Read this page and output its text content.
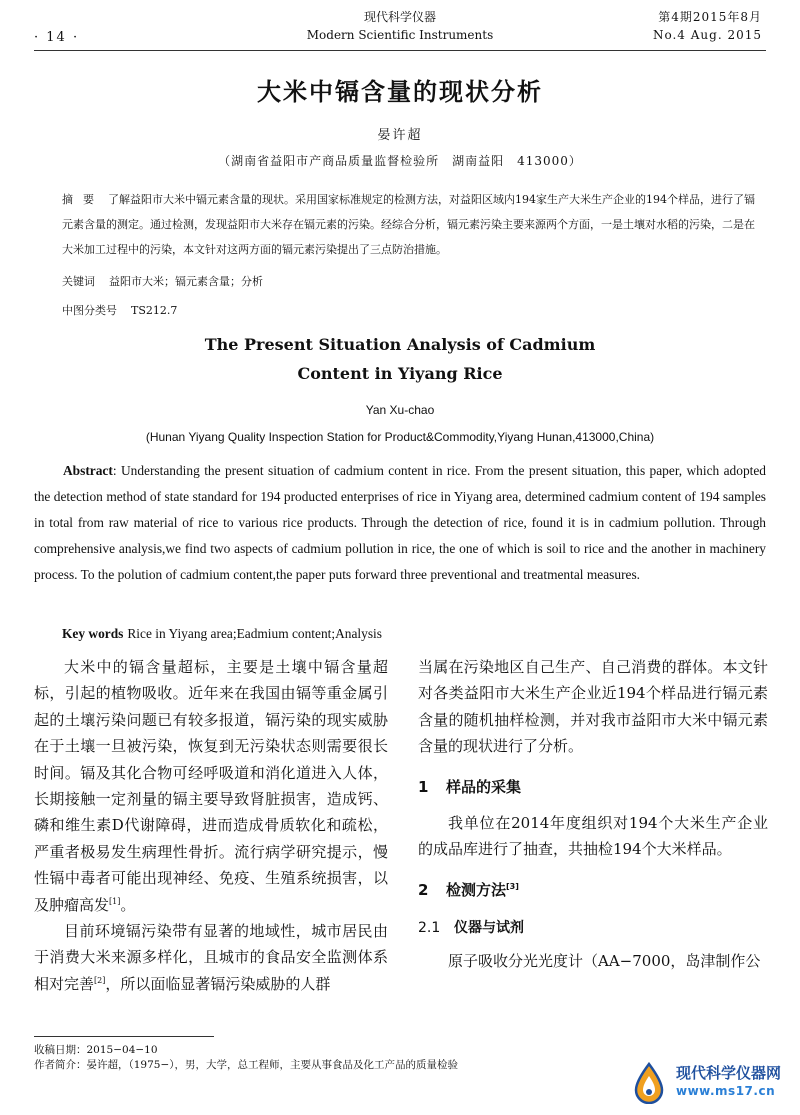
· 14 ·
现代科学仪器
Modern Scientific Instruments
第4期2015年8月
No.4 Aug. 2015
大米中镉含量的现状分析
晏许超
（湖南省益阳市产商品质量监督检验所　湖南益阳　413000）
摘要 了解益阳市大米中镉元素含量的现状。采用国家标准规定的检测方法，对益阳区域内194家生产大米生产企业的194个样品，进行了镉元素含量的测定。通过检测，发现益阳市大米存在镉元素的污染。经综合分析，镉元素污染主要来源两个方面，一是土壤对水稻的污染，二是在大米加工过程中的污染，本文针对这两方面的镉元素污染提出了三点防治措施。
关键词 益阳市大米；镉元素含量；分析
中图分类号 TS212.7
The Present Situation Analysis of Cadmium
Content in Yiyang Rice
Yan Xu-chao
(Hunan Yiyang Quality Inspection Station for Product&Commodity,Yiyang Hunan,413000,China)
Abstract: Understanding the present situation of cadmium content in rice. From the present situation, this paper, which adopted the detection method of state standard for 194 producted enterprises of rice in Yiyang area, determined cadmium content of 194 samples in total from raw material of rice to various rice products. Through the detection of rice, found it is in cadmium pollution. Through comprehensive analysis,we find two aspects of cadmium pollution in rice, the one of which is soil to rice and the another in machinery process. To the polution of cadmium content,the paper puts forward three preventional and treatmental measures.
Key words Rice in Yiyang area;Eadmium content;Analysis

大米中的镉含量超标，主要是土壤中镉含量超标，引起的植物吸收。近年来在我国由镉等重金属引起的土壤污染问题已有较多报道，镉污染的现实威胁在于土壤一旦被污染，恢复到无污染状态则需要很长时间。镉及其化合物可经呼吸道和消化道进入人体，长期接触一定剂量的镉主要导致肾脏损害，造成钙、磷和维生素D代谢障碍，进而造成骨质软化和疏松，严重者极易发生病理性骨折。流行病学研究提示，慢性镉中毒者可能出现神经、免疫、生殖系统损害，以及肿瘤高发[1]。

目前环境镉污染带有显著的地域性，城市居民由于消费大米来源多样化，且城市的食品安全监测体系相对完善[2]，所以面临显著镉污染威胁的人群

当属在污染地区自己生产、自己消费的群体。本文针对各类益阳市大米生产企业近194个样品进行镉元素含量的随机抽样检测，并对我市益阳市大米中镉元素含量的现状进行了分析。

1 样品的采集

我单位在2014年度组织对194个大米生产企业的成品库进行了抽查，共抽检194个大米样品。

2 检测方法[3]
2.1 仪器与试剂

原子吸收分光光度计（AA−7000，岛津制作公

收稿日期：2015−04−10
作者简介：晏许超，（1975−），男，大学，总工程师，主要从事食品及化工产品的质量检验	现代科学仪器网
www.ms17.cn
